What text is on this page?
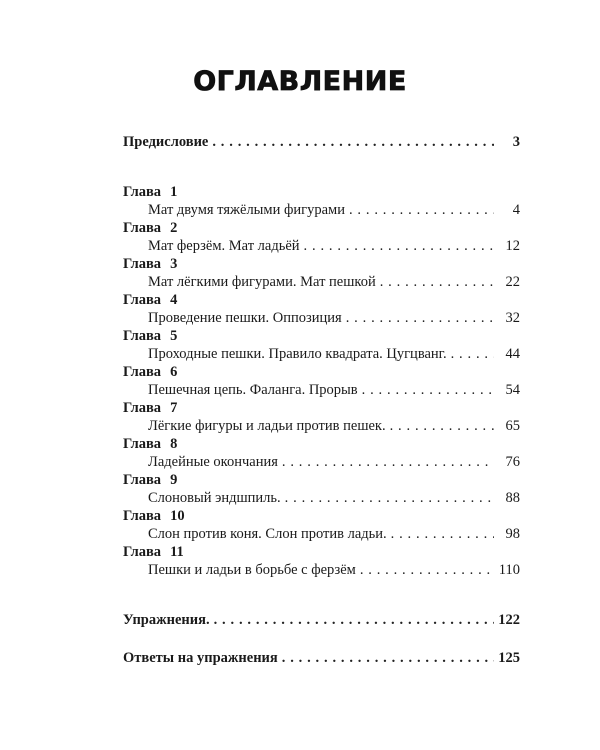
ОГЛАВЛЕНИЕ
Предисловие . . .	3
Глава 1
Мат двумя тяжёлыми фигурами . . .	4
Глава 2
Мат ферзём. Мат ладьёй . . .	12
Глава 3
Мат лёгкими фигурами. Мат пешкой . . .	22
Глава 4
Проведение пешки. Оппозиция . . .	32
Глава 5
Проходные пешки. Правило квадрата. Цугцванг. . . .	44
Глава 6
Пешечная цепь. Фаланга. Прорыв . . .	54
Глава 7
Лёгкие фигуры и ладьи против пешек. . . .	65
Глава 8
Ладейные окончания . . .	76
Глава 9
Слоновый эндшпиль. . . .	88
Глава 10
Слон против коня. Слон против ладьи. . . .	98
Глава 11
Пешки и ладьи в борьбе с ферзём . . .	110
Упражнения. . . .	122
Ответы на упражнения . . .	125
